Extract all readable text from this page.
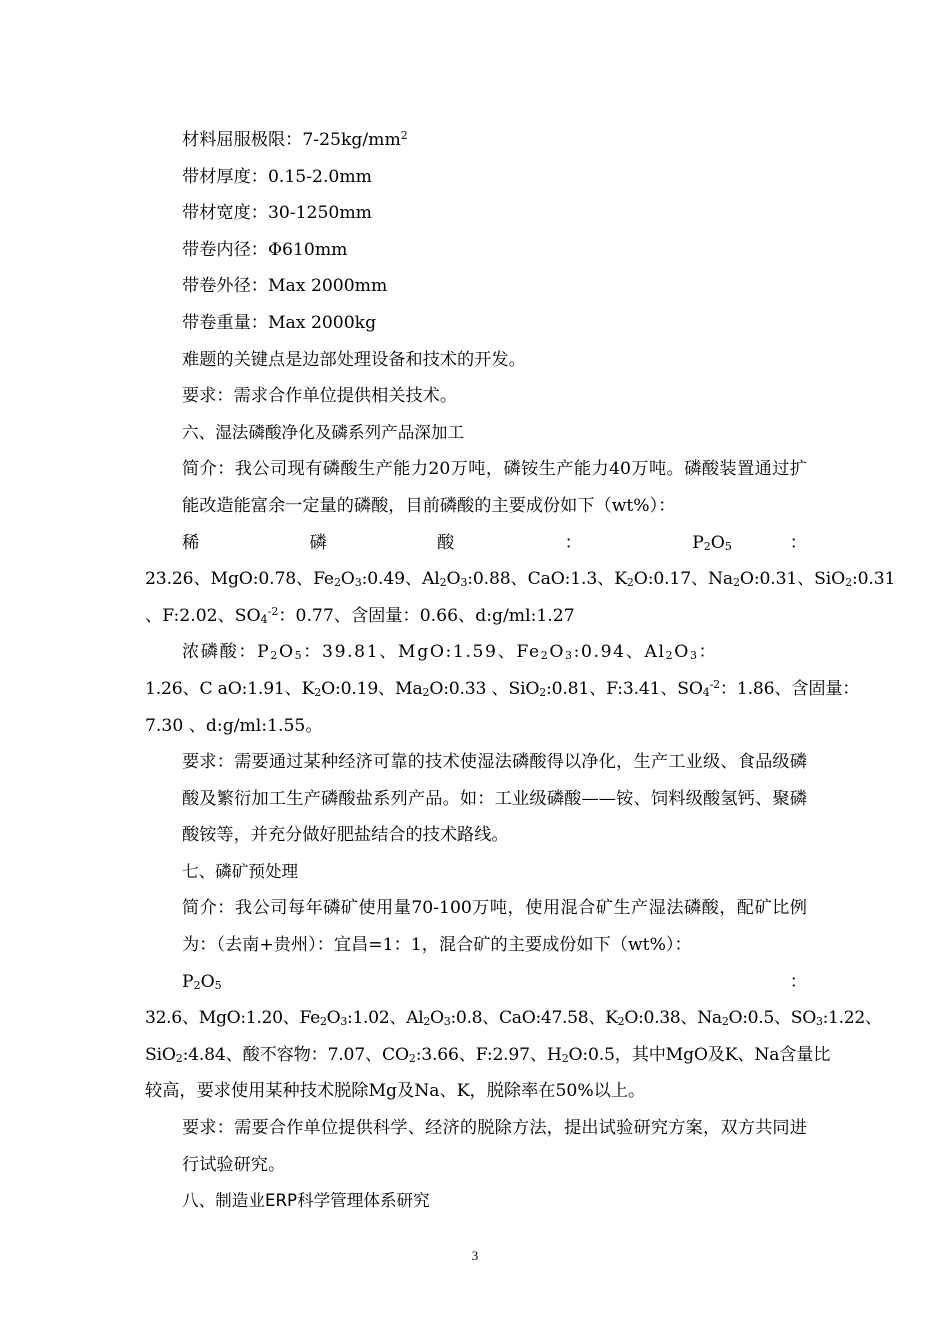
材料屈服极限：$7-25kg/mm^2$

带材厚度：0.15-2.0mm

带材宽度：30-1250mm

带卷内径：Φ610mm

带卷外径：Max 2000mm

带卷重量：Max 2000kg

难题的关键点是边部处理设备和技术的开发。

要求：需求合作单位提供相关技术。

六、湿法磷酸净化及磷系列产品深加工

简介：我公司现有磷酸生产能力20万吨，磷铵生产能力40万吨。磷酸装置通过扩能改造能富余一定量的磷酸，目前磷酸的主要成份如下（wt%）：

稀	磷	酸	：	$P_2O_5$	：

23.26、MgO:0.78、$Fe_2O_3:0.49$、$Al_2O_3:0.88$、CaO:1.3、$K_2O:0.17$、$Na_2O:0.31$、SiO$_2$:0.31

、F:2.02、$SO_4^{-2}$：0.77、含固量：0.66、d:g/ml:1.27

浓磷酸：$P_2O_5$：39.81、MgO:1.59、$Fe_2O_3:0.94$、$Al_2O_3$：

1.26、C aO:1.91、$K_2O:0.19$、$Ma_2O:0.33$ 、SiO$_2$:0.81、F:3.41、$SO_4^{-2}$：1.86、含固量：

7.30 、d:g/ml:1.55。

要求：需要通过某种经济可靠的技术使湿法磷酸得以净化，生产工业级、食品级磷酸及繁衍加工生产磷酸盐系列产品。如：工业级磷酸——铵、饲料级酸氢钙、聚磷酸铵等，并充分做好肥盐结合的技术路线。

七、磷矿预处理

简介：我公司每年磷矿使用量70-100万吨，使用混合矿生产湿法磷酸，配矿比例为：（去南+贵州）：宜昌=1：1，混合矿的主要成份如下（wt%）：

$P_2O_5$	：

32.6、MgO:1.20、$Fe_2O_3:1.02$、$Al_2O_3:0.8$、CaO:47.58、$K_2O:0.38$、$Na_2O:0.5$、$SO_3:1.22$、

SiO$_2$:4.84、酸不容物：7.07、$CO_2:3.66$、F:2.97、$H_2O:0.5$，其中MgO及K、Na含量比

较高，要求使用某种技术脱除Mg及Na、K，脱除率在50%以上。

要求：需要合作单位提供科学、经济的脱除方法，提出试验研究方案，双方共同进行试验研究。

八、制造业ERP科学管理体系研究

3
